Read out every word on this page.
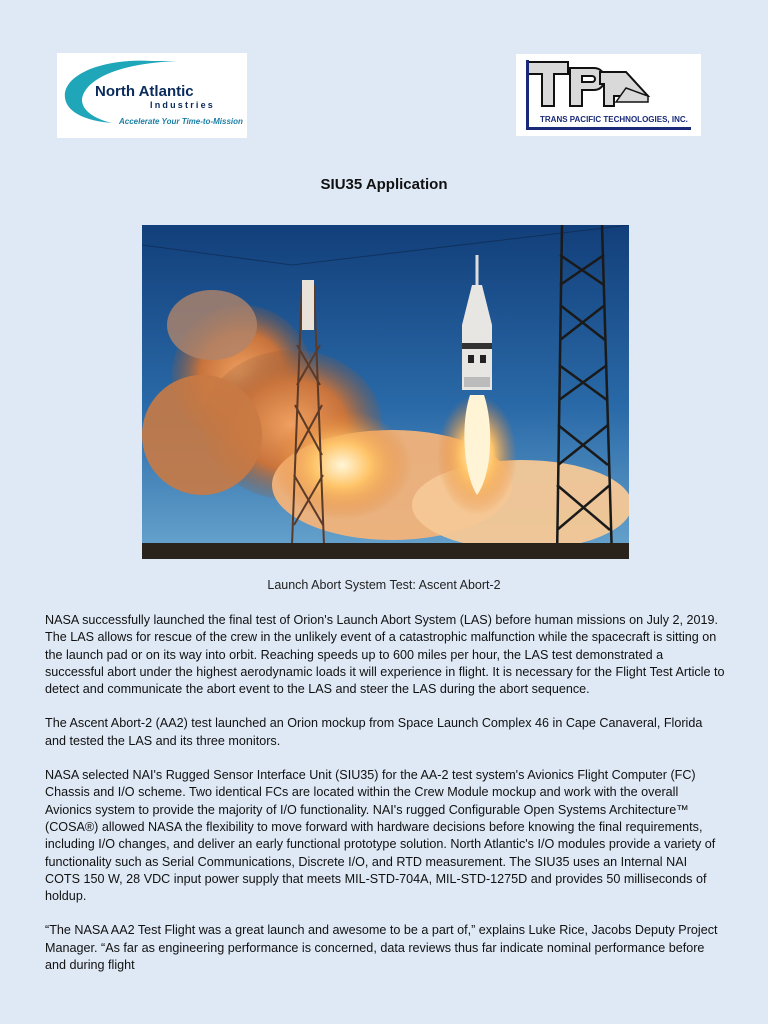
North Atlantic
Industries
Accelerate Your Time-to-Mission	TRANS PACIFIC TECHNOLOGIES, INC.
SIU35 Application
Launch Abort System Test: Ascent Abort-2

NASA successfully launched the final test of Orion's Launch Abort System (LAS) before human missions on July 2, 2019. The LAS allows for rescue of the crew in the unlikely event of a catastrophic malfunction while the spacecraft is sitting on the launch pad or on its way into orbit. Reaching speeds up to 600 miles per hour, the LAS test demonstrated a successful abort under the highest aerodynamic loads it will experience in flight. It is necessary for the Flight Test Article to detect and communicate the abort event to the LAS and steer the LAS during the abort sequence.

The Ascent Abort-2 (AA2) test launched an Orion mockup from Space Launch Complex 46 in Cape Canaveral, Florida and tested the LAS and its three monitors.

NASA selected NAI's Rugged Sensor Interface Unit (SIU35) for the AA-2 test system's Avionics Flight Computer (FC) Chassis and I/O scheme. Two identical FCs are located within the Crew Module mockup and work with the overall Avionics system to provide the majority of I/O functionality. NAI's rugged Configurable Open Systems Architecture™ (COSA®) allowed NASA the flexibility to move forward with hardware decisions before knowing the final requirements, including I/O changes, and deliver an early functional prototype solution. North Atlantic's I/O modules provide a variety of functionality such as Serial Communications, Discrete I/O, and RTD measurement. The SIU35 uses an Internal NAI COTS 150 W, 28 VDC input power supply that meets MIL-STD-704A, MIL-STD-1275D and provides 50 milliseconds of holdup.

“The NASA AA2 Test Flight was a great launch and awesome to be a part of,” explains Luke Rice, Jacobs Deputy Project Manager. “As far as engineering performance is concerned, data reviews thus far indicate nominal performance before and during flight
